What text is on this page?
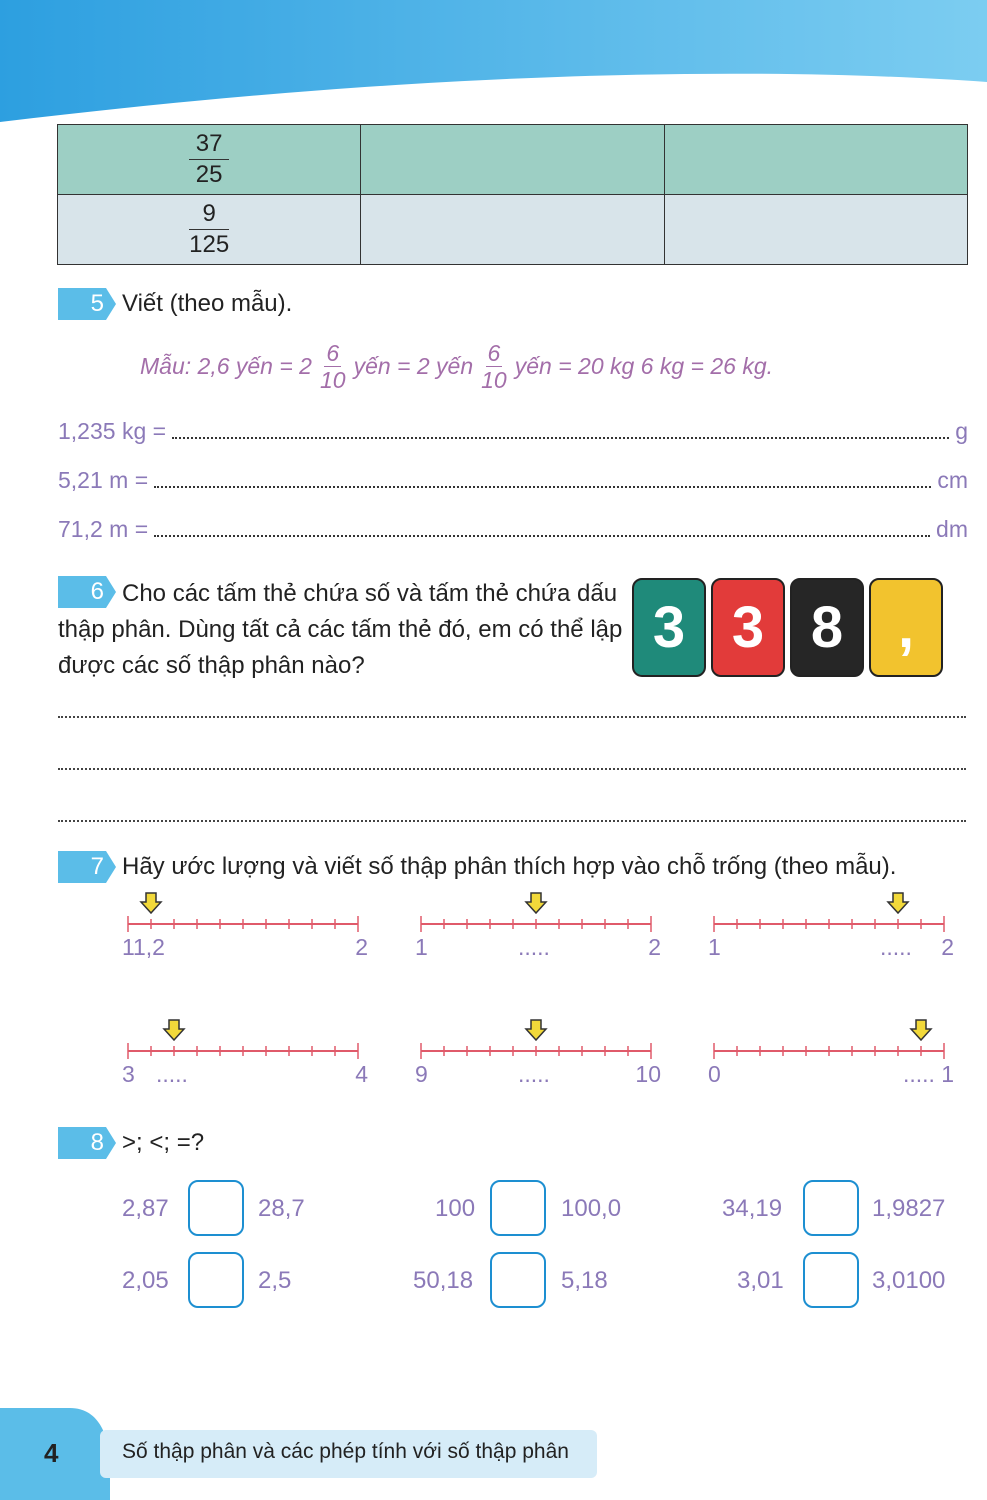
$\frac{37}{25}$

$\frac{9}{125}$

5 Viết (theo mẫu).
Mẫu: 2,6 yến = $2 \frac{6}{10}$ yến = 2 yến $\frac{6}{10}$ yến = 20 kg 6 kg = 26 kg.
1,235 kg =	g
5,21 m =	cm
71,2 m =	dm
6 Cho các tấm thẻ chứa số và tấm thẻ chứa dấu thập phân. Dùng tất cả các tấm thẻ đó, em có thể lập được các số thập phân nào?
3 3 8 ,
7 Hãy ước lượng và viết số thập phân thích hợp vào chỗ trống (theo mẫu).
1	2
1,2	1	2
.....	1	2
.....
3	4
.....	9	10
.....	0	1
.....
8 >; <; =?
2,87	28,7	100	100,0	34,19	1,9827
2,05	2,5	50,18	5,18	3,01	3,0100
4	Số thập phân và các phép tính với số thập phân
